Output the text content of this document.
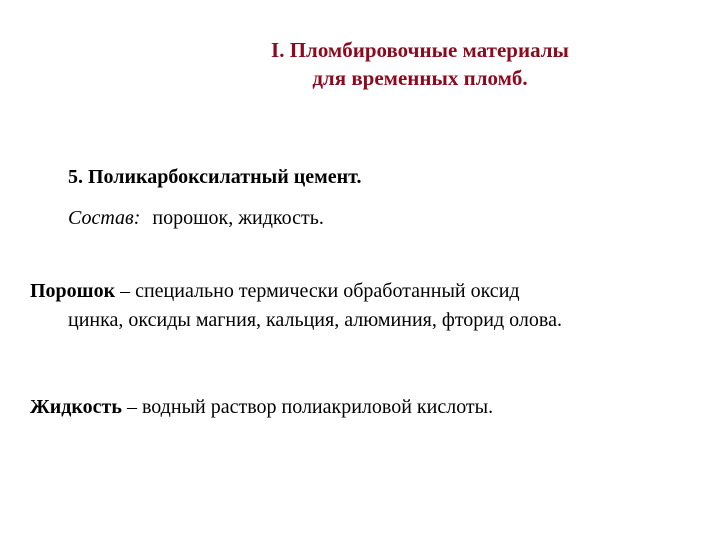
I. Пломбировочные материалы
для временных пломб.
5. Поликарбоксилатный цемент.
Состав: порошок, жидкость.
Порошок – специально термически обработанный оксид
цинка, оксиды магния, кальция, алюминия, фторид олова.
Жидкость – водный раствор полиакриловой кислоты.
